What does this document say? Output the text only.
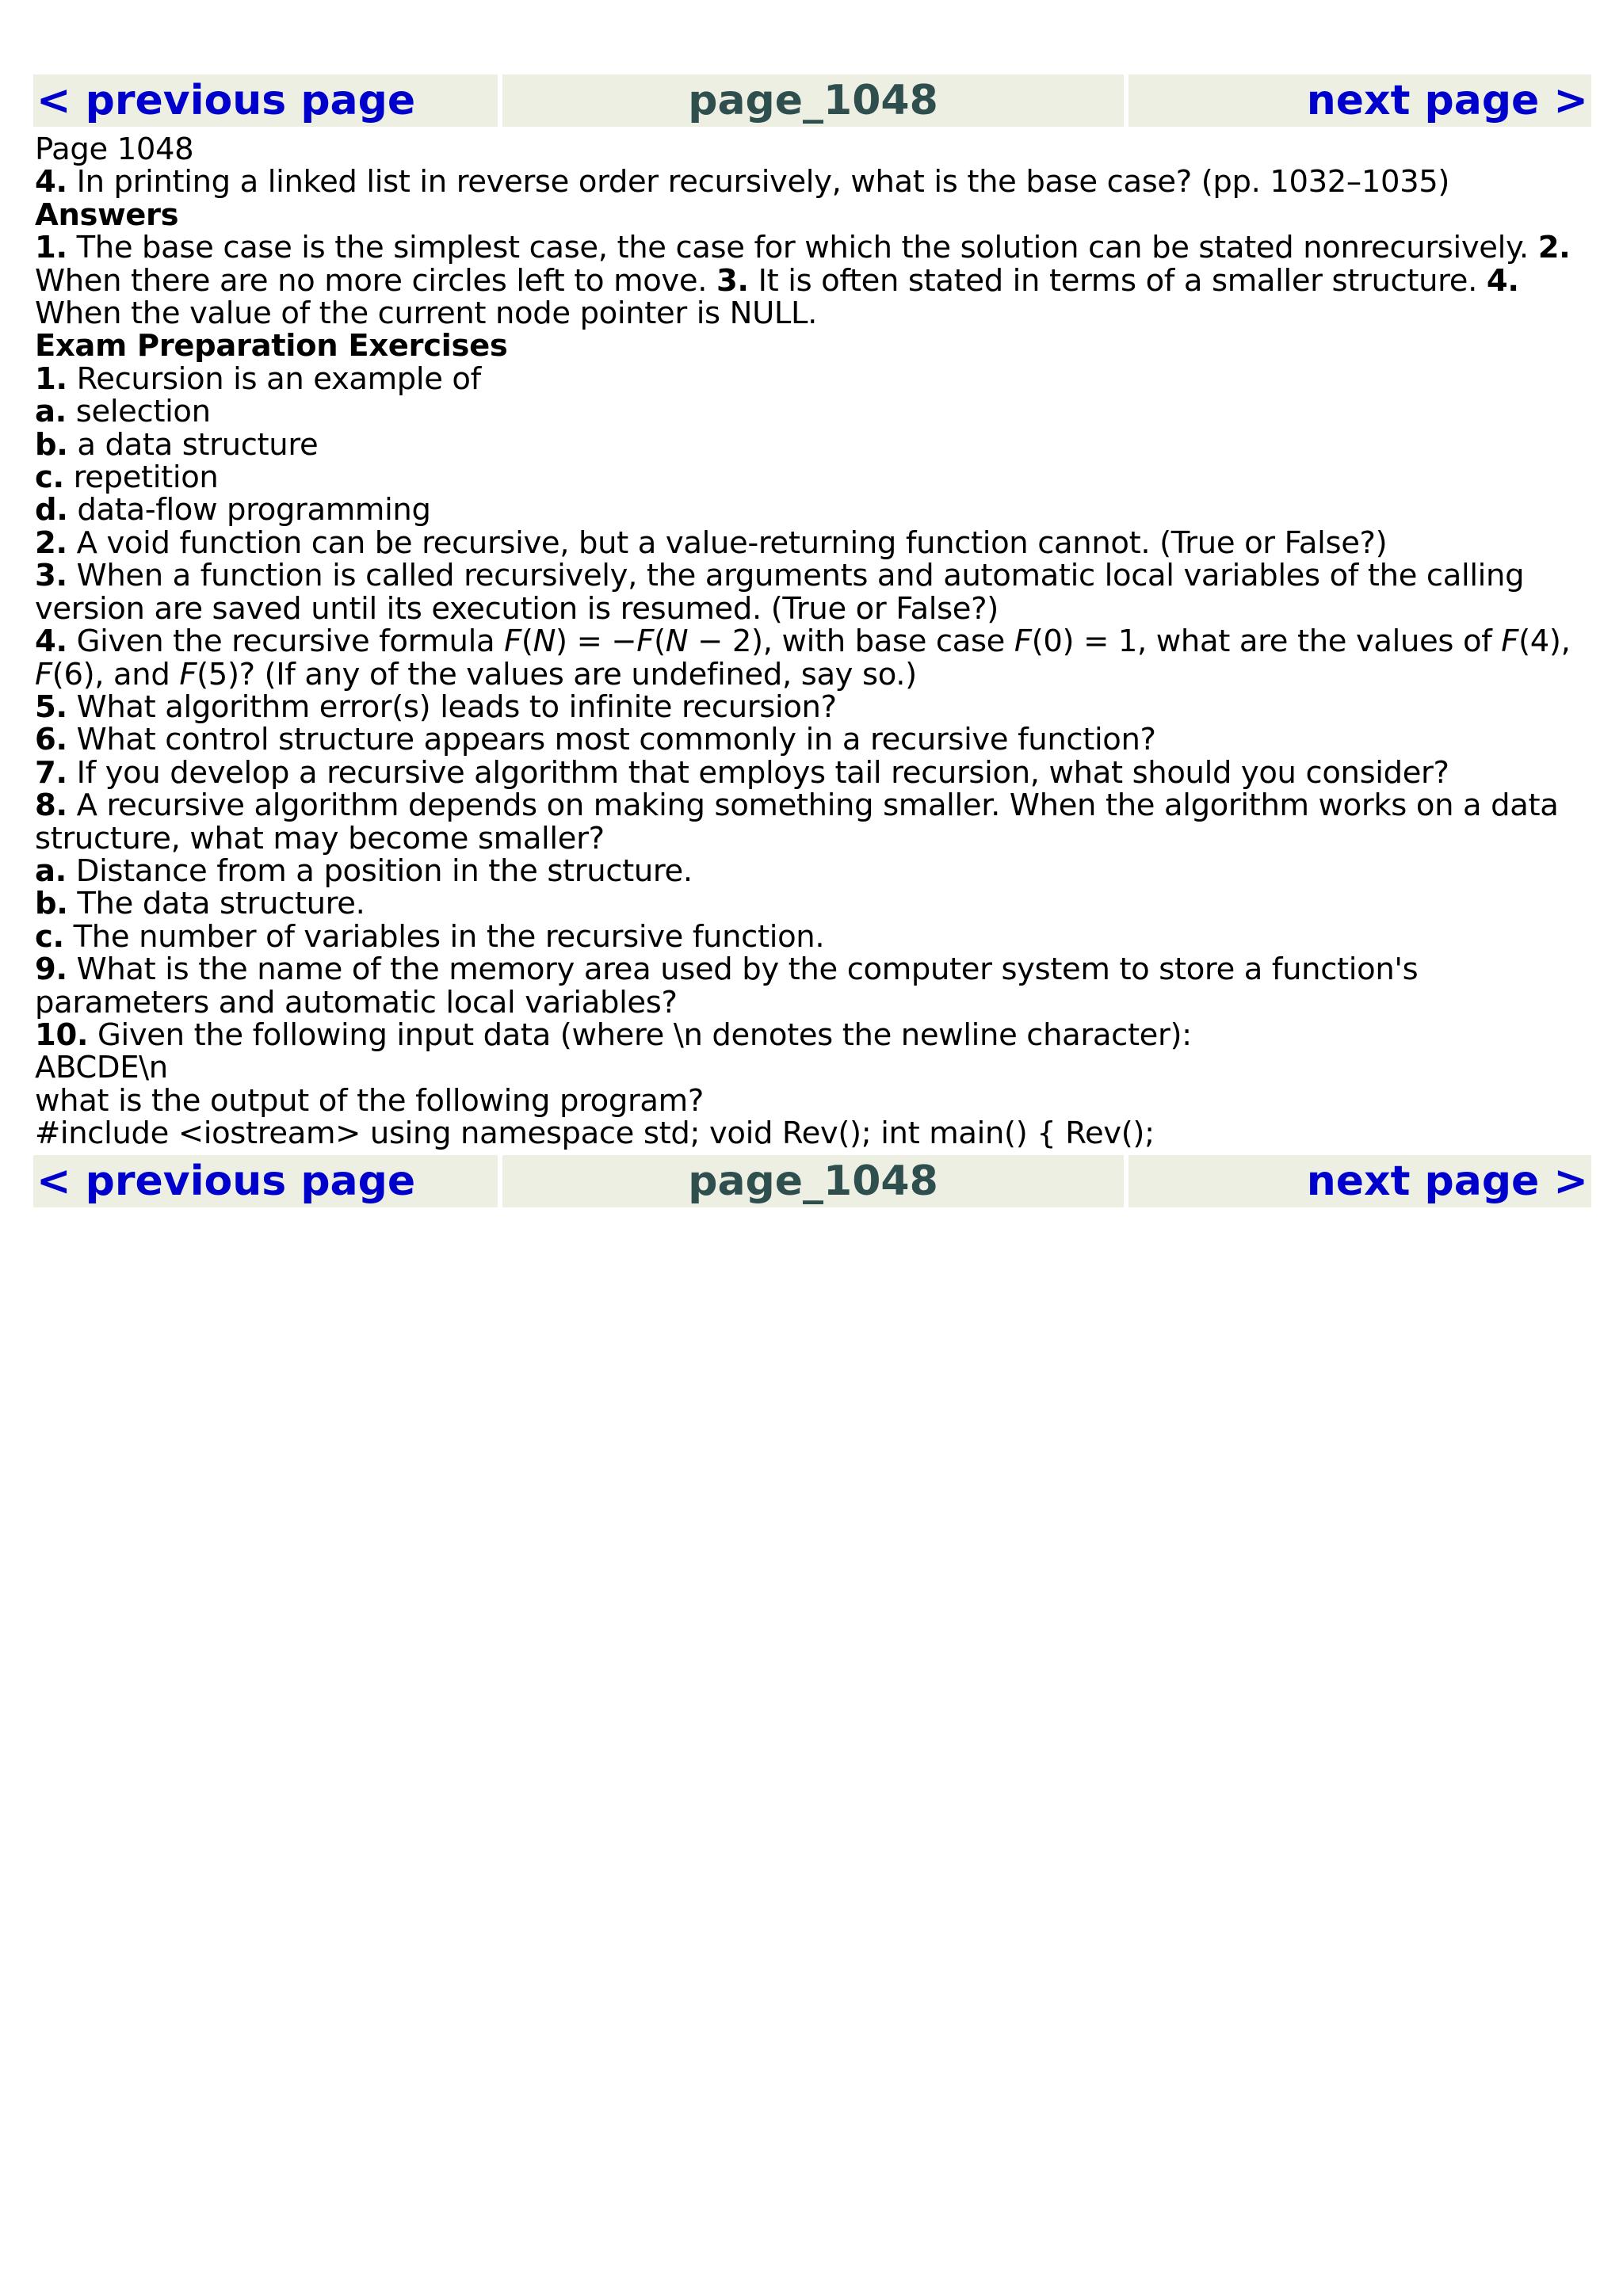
< previous page	page_1048	next page >
Page 1048
4. In printing a linked list in reverse order recursively, what is the base case? (pp. 1032–1035)
Answers
1. The base case is the simplest case, the case for which the solution can be stated nonrecursively. 2. When there are no more circles left to move. 3. It is often stated in terms of a smaller structure. 4. When the value of the current node pointer is NULL.
Exam Preparation Exercises
1. Recursion is an example of
a. selection
b. a data structure
c. repetition
d. data-flow programming
2. A void function can be recursive, but a value-returning function cannot. (True or False?)
3. When a function is called recursively, the arguments and automatic local variables of the calling version are saved until its execution is resumed. (True or False?)
4. Given the recursive formula F(N) = −F(N − 2), with base case F(0) = 1, what are the values of F(4), F(6), and F(5)? (If any of the values are undefined, say so.)
5. What algorithm error(s) leads to infinite recursion?
6. What control structure appears most commonly in a recursive function?
7. If you develop a recursive algorithm that employs tail recursion, what should you consider?
8. A recursive algorithm depends on making something smaller. When the algorithm works on a data structure, what may become smaller?
a. Distance from a position in the structure.
b. The data structure.
c. The number of variables in the recursive function.
9. What is the name of the memory area used by the computer system to store a function's parameters and automatic local variables?
10. Given the following input data (where \n denotes the newline character):
ABCDE\n
what is the output of the following program?
#include <iostream> using namespace std; void Rev(); int main() { Rev();
< previous page	page_1048	next page >
